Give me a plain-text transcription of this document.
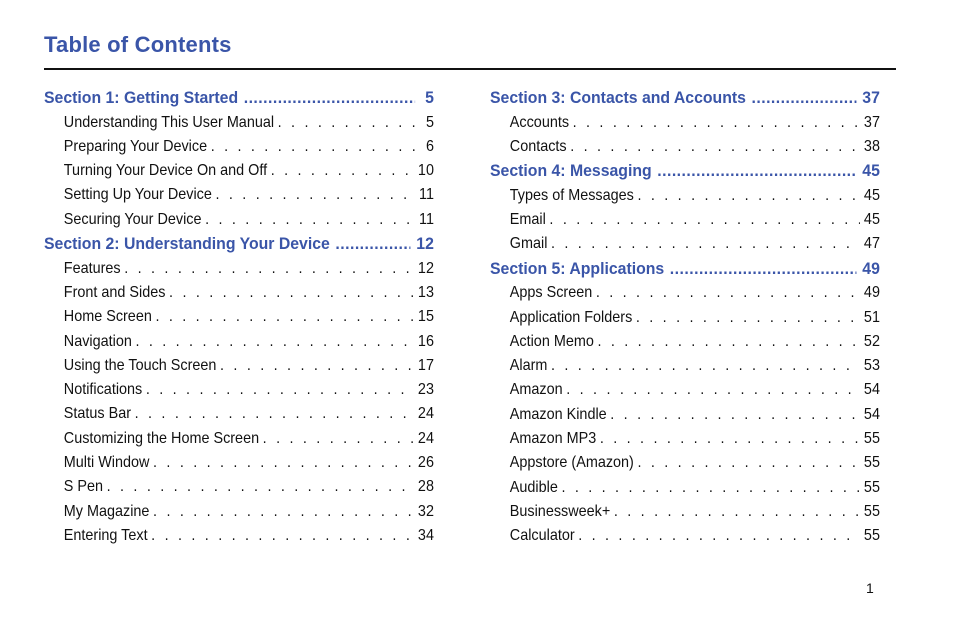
Table of Contents
Section 1: Getting Started .....	5
Understanding This User Manual . . .	5
Preparing Your Device . . .	6
Turning Your Device On and Off . . .	10
Setting Up Your Device . . .	11
Securing Your Device . . .	11
Section 2: Understanding Your Device .....	12
Features . . .	12
Front and Sides . . .	13
Home Screen . . .	15
Navigation . . .	16
Using the Touch Screen . . .	17
Notifications . . .	23
Status Bar . . .	24
Customizing the Home Screen . . .	24
Multi Window . . .	26
S Pen . . .	28
My Magazine . . .	32
Entering Text . . .	34
Section 3: Contacts and Accounts .....	37
Accounts . . .	37
Contacts . . .	38
Section 4: Messaging .....	45
Types of Messages . . .	45
Email . . .	45
Gmail . . .	47
Section 5: Applications .....	49
Apps Screen . . .	49
Application Folders . . .	51
Action Memo . . .	52
Alarm . . .	53
Amazon . . .	54
Amazon Kindle . . .	54
Amazon MP3 . . .	55
Appstore (Amazon) . . .	55
Audible . . .	55
Businessweek+ . . .	55
Calculator . . .	55
1
